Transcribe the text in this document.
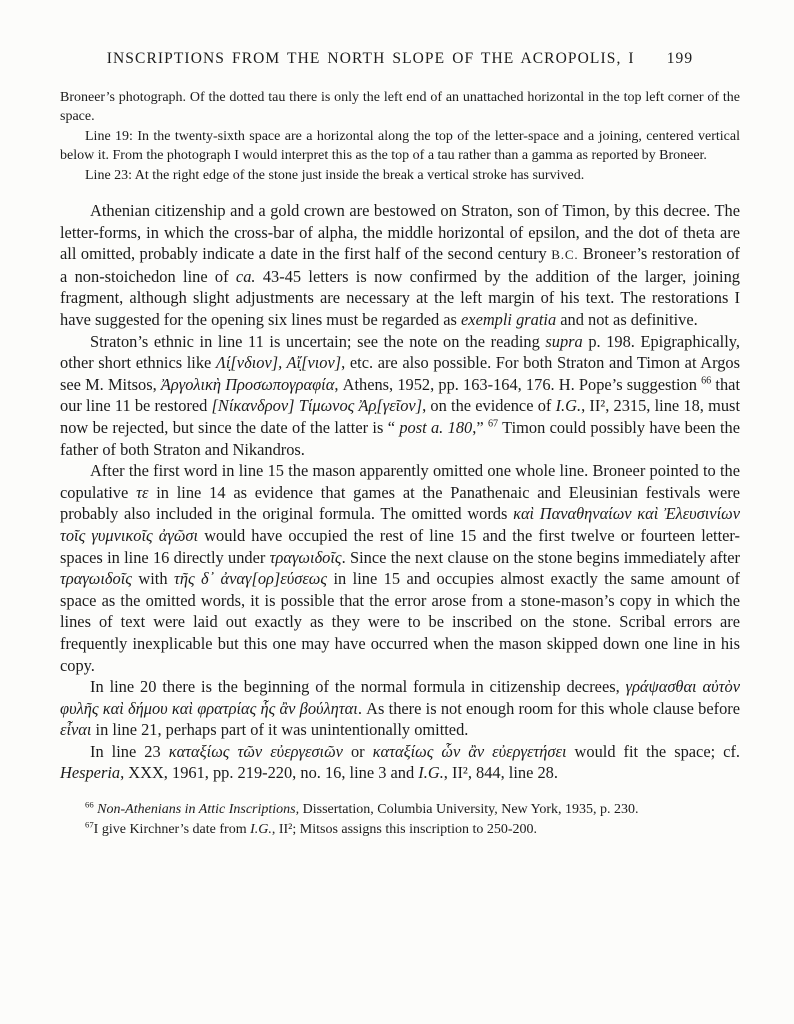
INSCRIPTIONS FROM THE NORTH SLOPE OF THE ACROPOLIS, I 199

Broneer’s photograph. Of the dotted tau there is only the left end of an unattached horizontal in the top left corner of the space.

Line 19: In the twenty-sixth space are a horizontal along the top of the letter-space and a joining, centered vertical below it. From the photograph I would interpret this as the top of a tau rather than a gamma as reported by Broneer.

Line 23: At the right edge of the stone just inside the break a vertical stroke has survived.

Athenian citizenship and a gold crown are bestowed on Straton, son of Timon, by this decree. The letter-forms, in which the cross-bar of alpha, the middle horizontal of epsilon, and the dot of theta are all omitted, probably indicate a date in the first half of the second century B.C. Broneer’s restoration of a non-stoichedon line of ca. 43-45 letters is now confirmed by the addition of the larger, joining fragment, although slight adjustments are necessary at the left margin of his text. The restorations I have suggested for the opening six lines must be regarded as exempli gratia and not as definitive.

Straton’s ethnic in line 11 is uncertain; see the note on the reading supra p. 198. Epigraphically, other short ethnics like Λί̣[νδιον], Αἴ̣[νιον], etc. are also possible. For both Straton and Timon at Argos see M. Mitsos, Ἀργολικὴ Προσωπογραφία, Athens, 1952, pp. 163-164, 176. H. Pope’s suggestion $^{66}$ that our line 11 be restored [Νίκανδρον] Τίμωνος Ἀρ̣[γεῖον], on the evidence of I.G., II², 2315, line 18, must now be rejected, but since the date of the latter is “ post a. 180,” $^{67}$ Timon could possibly have been the father of both Straton and Nikandros.

After the first word in line 15 the mason apparently omitted one whole line. Broneer pointed to the copulative τε in line 14 as evidence that games at the Panathenaic and Eleusinian festivals were probably also included in the original formula. The omitted words καὶ Παναθηναίων καὶ Ἐλευσινίων τοῖς γυμνικοῖς ἀγῶσι would have occupied the rest of line 15 and the first twelve or fourteen letter-spaces in line 16 directly under τραγωιδοῖς. Since the next clause on the stone begins immediately after τραγωιδοῖς with τῆς δ᾽ ἀναγ[ορ]εύσεως in line 15 and occupies almost exactly the same amount of space as the omitted words, it is possible that the error arose from a stone-mason’s copy in which the lines of text were laid out exactly as they were to be inscribed on the stone. Scribal errors are frequently inexplicable but this one may have occurred when the mason skipped down one line in his copy.

In line 20 there is the beginning of the normal formula in citizenship decrees, γράψασθαι αὐτὸν φυλῆς καὶ δήμου καὶ φρατρίας ἧς ἂν βούληται. As there is not enough room for this whole clause before εἶναι in line 21, perhaps part of it was unintentionally omitted.

In line 23 καταξίως τῶν εὐεργεσιῶν or καταξίως ὧν ἂν εὐεργετήσει would fit the space; cf. Hesperia, XXX, 1961, pp. 219-220, no. 16, line 3 and I.G., II², 844, line 28.

$^{66}$ Non-Athenians in Attic Inscriptions, Dissertation, Columbia University, New York, 1935, p. 230.

$^{67}$I give Kirchner’s date from I.G., II²; Mitsos assigns this inscription to 250-200.
